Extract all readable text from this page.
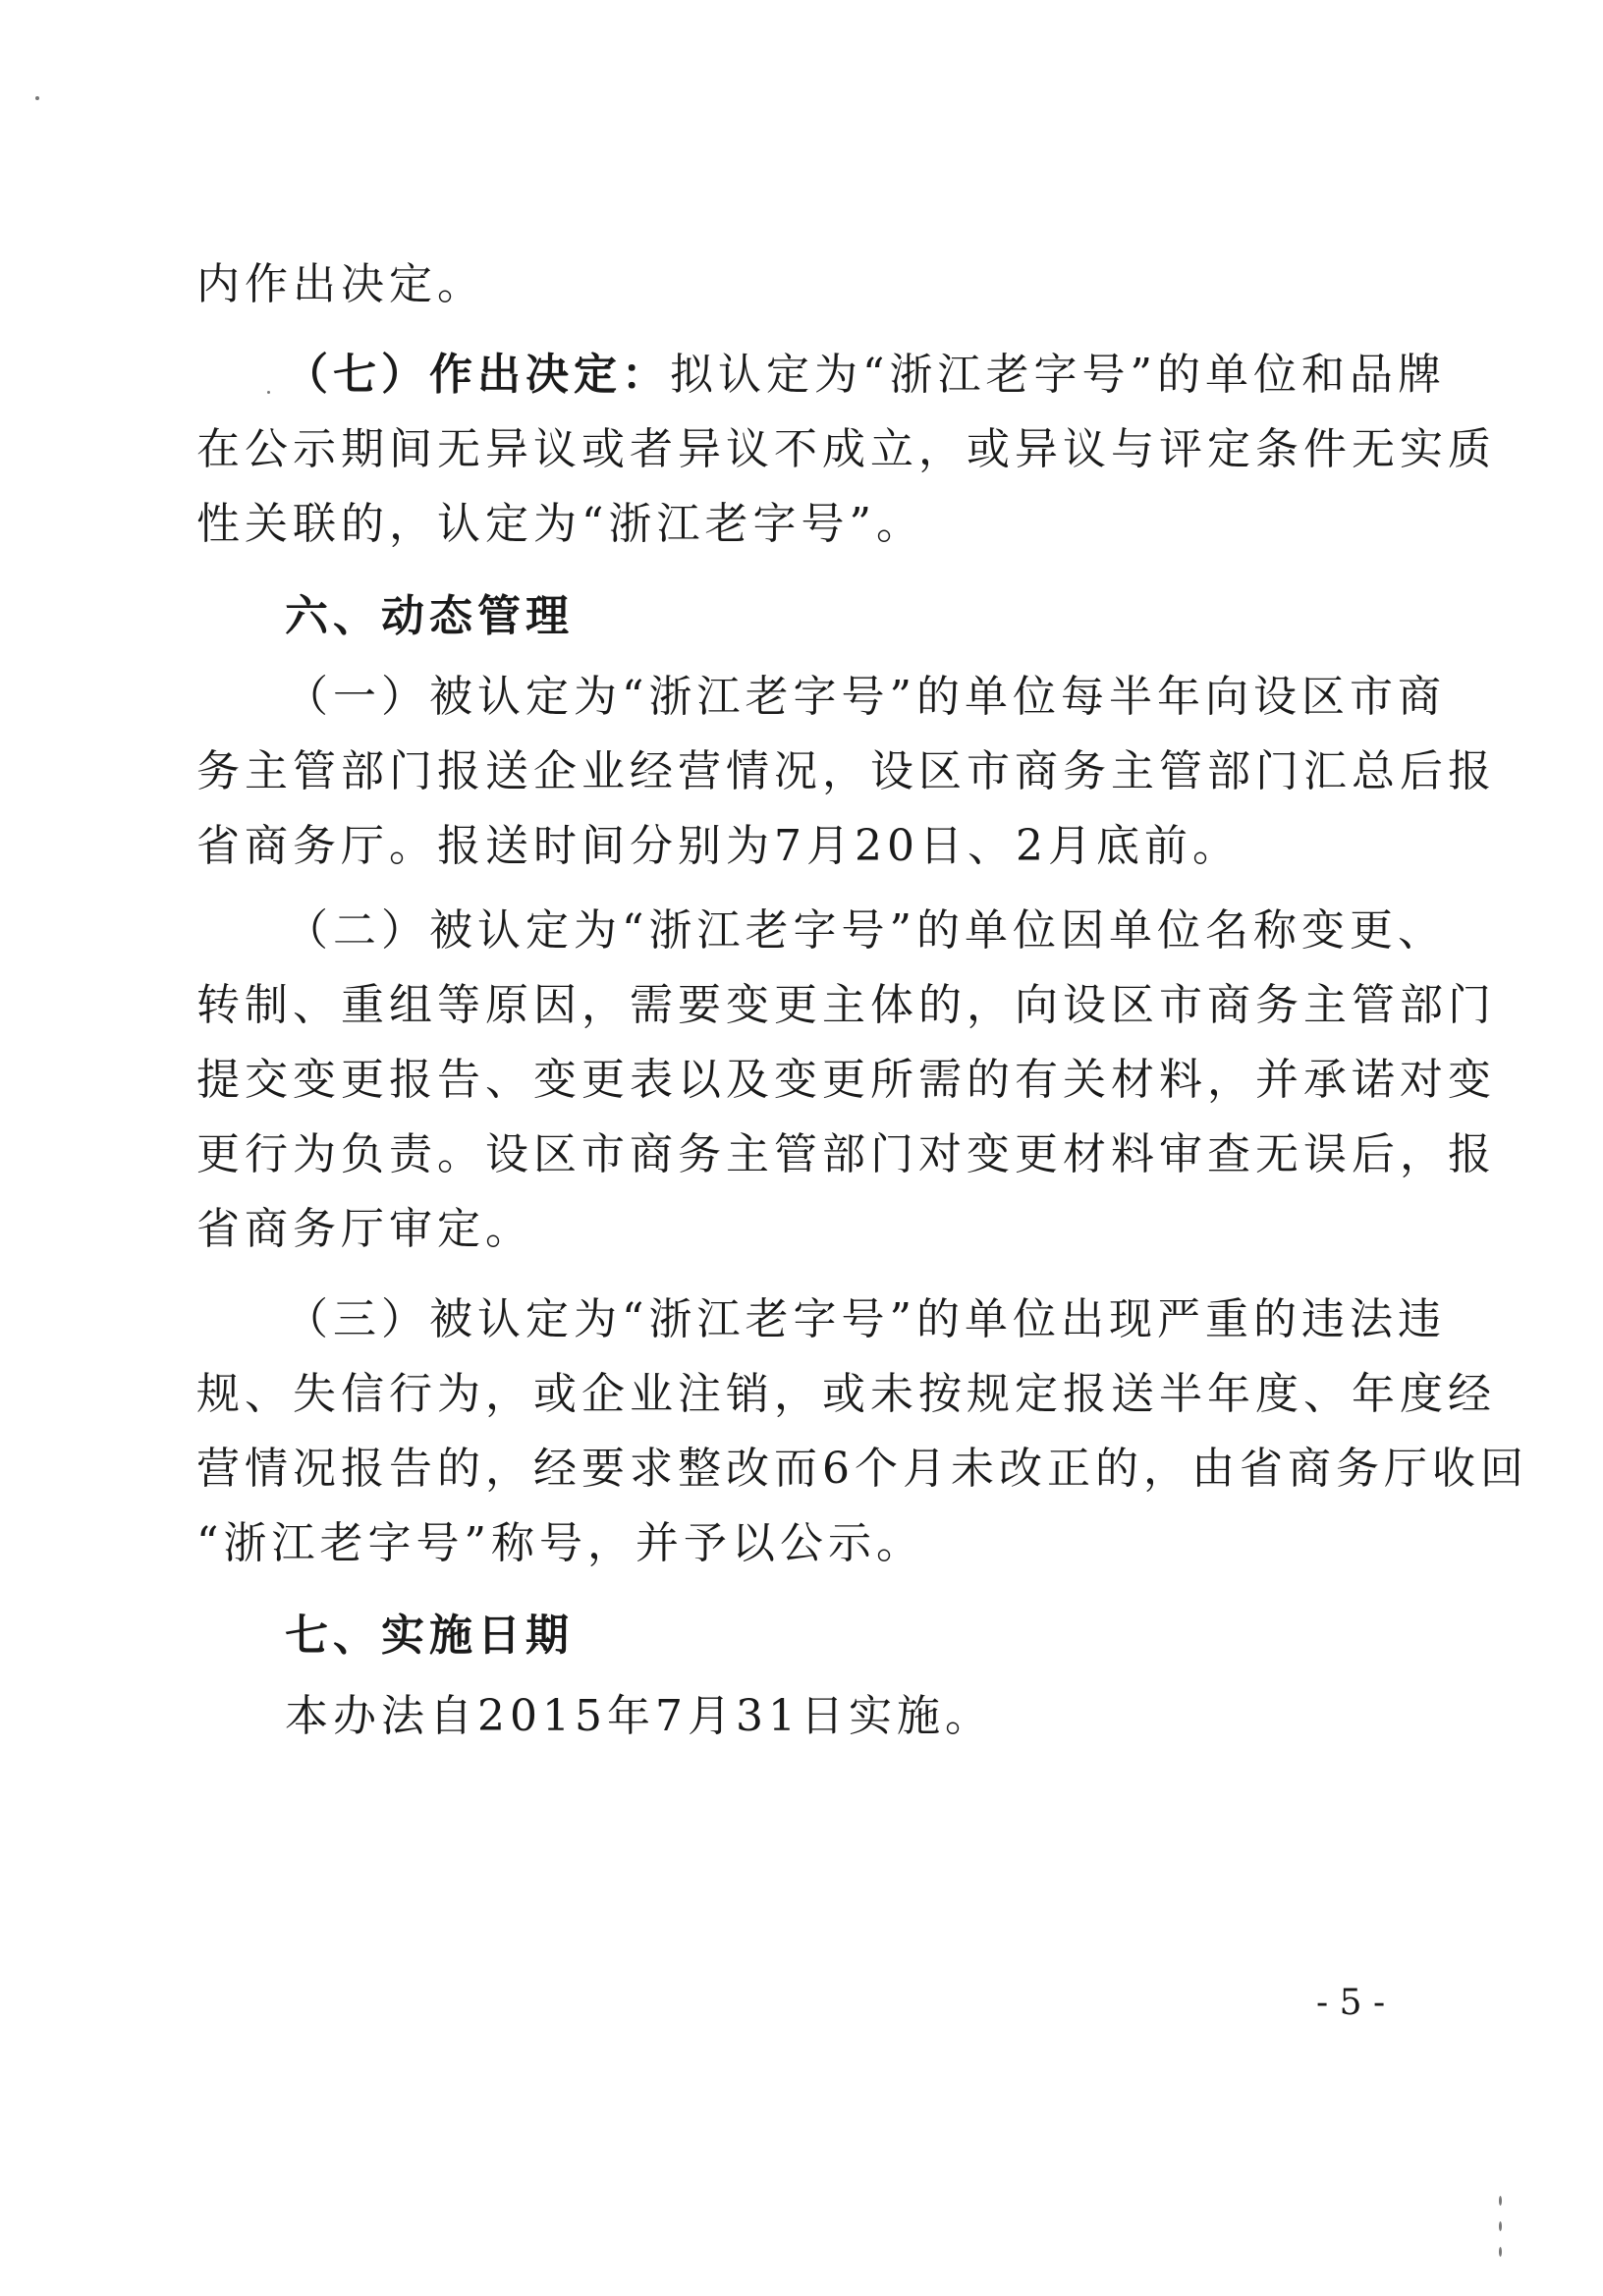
内作出决定。
（七）作出决定：拟认定为“浙江老字号”的单位和品牌
在公示期间无异议或者异议不成立，或异议与评定条件无实质
性关联的，认定为“浙江老字号”。
六、动态管理
（一）被认定为“浙江老字号”的单位每半年向设区市商
务主管部门报送企业经营情况，设区市商务主管部门汇总后报
省商务厅。报送时间分别为7月20日、2月底前。
（二）被认定为“浙江老字号”的单位因单位名称变更、
转制、重组等原因，需要变更主体的，向设区市商务主管部门
提交变更报告、变更表以及变更所需的有关材料，并承诺对变
更行为负责。设区市商务主管部门对变更材料审查无误后，报
省商务厅审定。
（三）被认定为“浙江老字号”的单位出现严重的违法违
规、失信行为，或企业注销，或未按规定报送半年度、年度经
营情况报告的，经要求整改而6个月未改正的，由省商务厅收回
“浙江老字号”称号，并予以公示。
七、实施日期
本办法自2015年7月31日实施。
- 5 -
